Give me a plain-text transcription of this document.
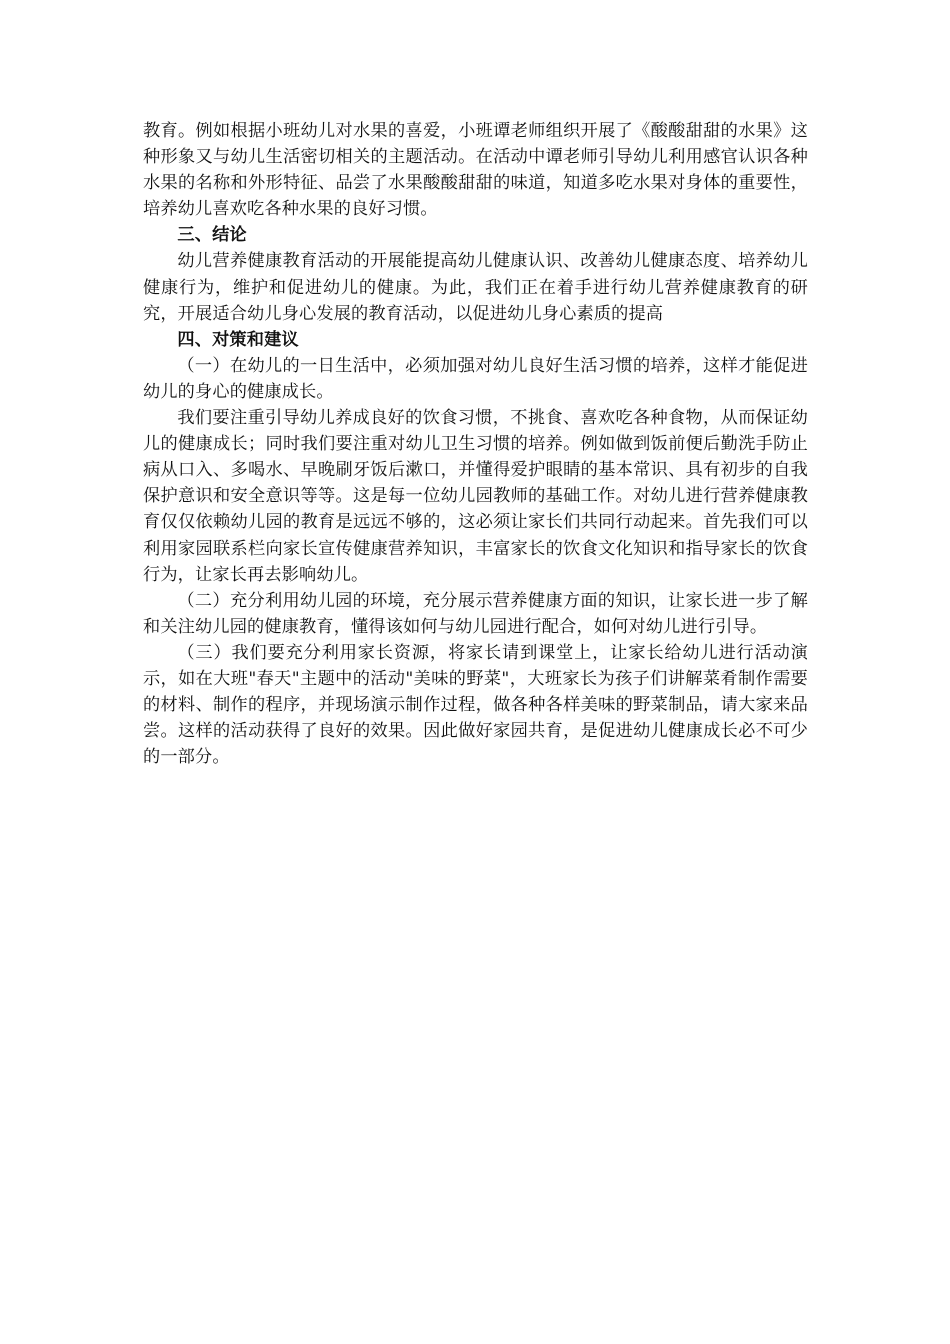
教育。例如根据小班幼儿对水果的喜爱，小班谭老师组织开展了《酸酸甜甜的水果》这种形象又与幼儿生活密切相关的主题活动。在活动中谭老师引导幼儿利用感官认识各种水果的名称和外形特征、品尝了水果酸酸甜甜的味道，知道多吃水果对身体的重要性，培养幼儿喜欢吃各种水果的良好习惯。

三、结论

幼儿营养健康教育活动的开展能提高幼儿健康认识、改善幼儿健康态度、培养幼儿健康行为，维护和促进幼儿的健康。为此，我们正在着手进行幼儿营养健康教育的研究，开展适合幼儿身心发展的教育活动，以促进幼儿身心素质的提高

四、对策和建议

（一）在幼儿的一日生活中，必须加强对幼儿良好生活习惯的培养，这样才能促进幼儿的身心的健康成长。

我们要注重引导幼儿养成良好的饮食习惯，不挑食、喜欢吃各种食物，从而保证幼儿的健康成长；同时我们要注重对幼儿卫生习惯的培养。例如做到饭前便后勤洗手防止病从口入、多喝水、早晚刷牙饭后漱口，并懂得爱护眼睛的基本常识、具有初步的自我保护意识和安全意识等等。这是每一位幼儿园教师的基础工作。对幼儿进行营养健康教育仅仅依赖幼儿园的教育是远远不够的，这必须让家长们共同行动起来。首先我们可以利用家园联系栏向家长宣传健康营养知识，丰富家长的饮食文化知识和指导家长的饮食行为，让家长再去影响幼儿。

（二）充分利用幼儿园的环境，充分展示营养健康方面的知识，让家长进一步了解和关注幼儿园的健康教育，懂得该如何与幼儿园进行配合，如何对幼儿进行引导。

（三）我们要充分利用家长资源，将家长请到课堂上，让家长给幼儿进行活动演示，如在大班"春天"主题中的活动"美味的野菜"，大班家长为孩子们讲解菜肴制作需要的材料、制作的程序，并现场演示制作过程，做各种各样美味的野菜制品，请大家来品尝。这样的活动获得了良好的效果。因此做好家园共育，是促进幼儿健康成长必不可少的一部分。
